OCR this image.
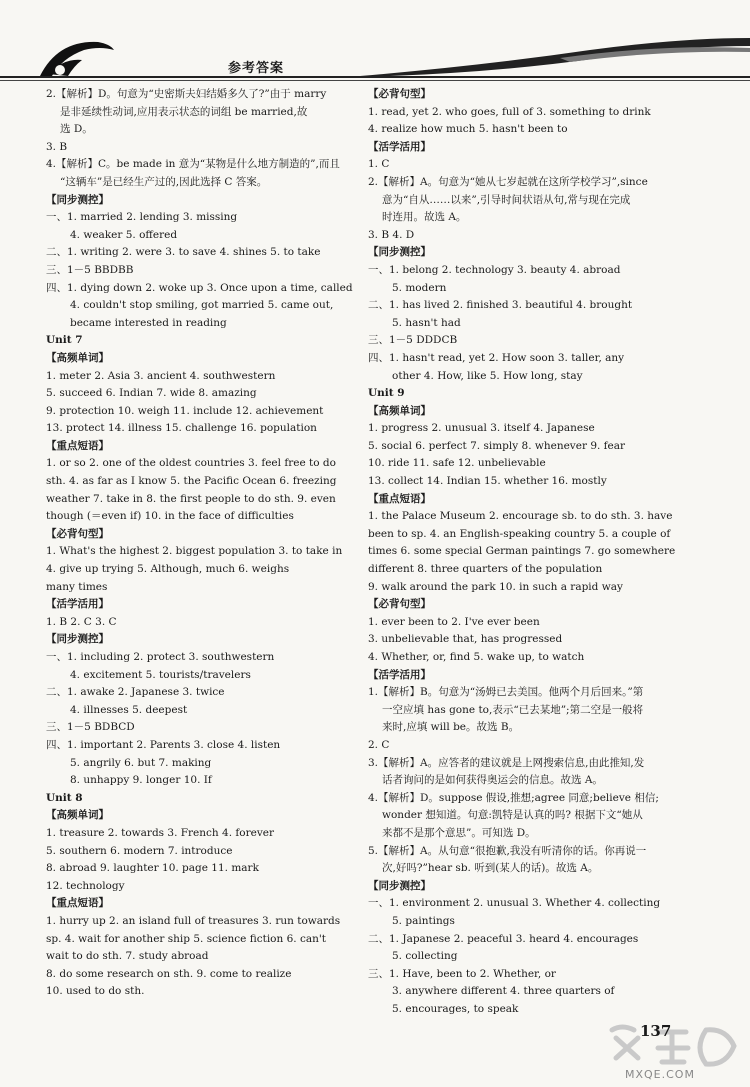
参考答案
2.【解析】D。句意为“史密斯夫妇结婚多久了?”由于 marry
是非延续性动词,应用表示状态的词组 be married,故
选 D。
3. B
4.【解析】C。be made in 意为“某物是什么地方制造的”,而且
“这辆车”是已经生产过的,因此选择 C 答案。
【同步测控】
一、1. married 2. lending 3. missing
4. weaker 5. offered
二、1. writing 2. were 3. to save 4. shines 5. to take
三、1－5 BBDBB
四、1. dying down 2. woke up 3. Once upon a time, called
4. couldn't stop smiling, got married 5. came out,
became interested in reading
Unit 7
【高频单词】
1. meter 2. Asia 3. ancient 4. southwestern
5. succeed 6. Indian 7. wide 8. amazing
9. protection 10. weigh 11. include 12. achievement
13. protect 14. illness 15. challenge 16. population
【重点短语】
1. or so 2. one of the oldest countries 3. feel free to do
sth. 4. as far as I know 5. the Pacific Ocean 6. freezing
weather 7. take in 8. the first people to do sth. 9. even
though (＝even if) 10. in the face of difficulties
【必背句型】
1. What's the highest 2. biggest population 3. to take in
4. give up trying 5. Although, much 6. weighs
many times
【活学活用】
1. B 2. C 3. C
【同步测控】
一、1. including 2. protect 3. southwestern
4. excitement 5. tourists/travelers
二、1. awake 2. Japanese 3. twice
4. illnesses 5. deepest
三、1－5 BDBCD
四、1. important 2. Parents 3. close 4. listen
5. angrily 6. but 7. making
8. unhappy 9. longer 10. If
Unit 8
【高频单词】
1. treasure 2. towards 3. French 4. forever
5. southern 6. modern 7. introduce
8. abroad 9. laughter 10. page 11. mark
12. technology
【重点短语】
1. hurry up 2. an island full of treasures 3. run towards
sp. 4. wait for another ship 5. science fiction 6. can't
wait to do sth. 7. study abroad
8. do some research on sth. 9. come to realize
10. used to do sth.
【必背句型】
1. read, yet 2. who goes, full of 3. something to drink
4. realize how much 5. hasn't been to
【活学活用】
1. C
2.【解析】A。句意为“她从七岁起就在这所学校学习”,since
意为“自从……以来”,引导时间状语从句,常与现在完成
时连用。故选 A。
3. B 4. D
【同步测控】
一、1. belong 2. technology 3. beauty 4. abroad
5. modern
二、1. has lived 2. finished 3. beautiful 4. brought
5. hasn't had
三、1－5 DDDCB
四、1. hasn't read, yet 2. How soon 3. taller, any
other 4. How, like 5. How long, stay
Unit 9
【高频单词】
1. progress 2. unusual 3. itself 4. Japanese
5. social 6. perfect 7. simply 8. whenever 9. fear
10. ride 11. safe 12. unbelievable
13. collect 14. Indian 15. whether 16. mostly
【重点短语】
1. the Palace Museum 2. encourage sb. to do sth. 3. have
been to sp. 4. an English-speaking country 5. a couple of
times 6. some special German paintings 7. go somewhere
different 8. three quarters of the population
9. walk around the park 10. in such a rapid way
【必背句型】
1. ever been to 2. I've ever been
3. unbelievable that, has progressed
4. Whether, or, find 5. wake up, to watch
【活学活用】
1.【解析】B。句意为“汤姆已去美国。他两个月后回来。”第
一空应填 has gone to,表示“已去某地”;第二空是一般将
来时,应填 will be。故选 B。
2. C
3.【解析】A。应答者的建议就是上网搜索信息,由此推知,发
话者询问的是如何获得奥运会的信息。故选 A。
4.【解析】D。suppose 假设,推想;agree 同意;believe 相信;
wonder 想知道。句意:凯特是认真的吗? 根据下文“她从
来都不是那个意思”。可知选 D。
5.【解析】A。从句意“很抱歉,我没有听清你的话。你再说一
次,好吗?”hear sb. 听到(某人的话)。故选 A。
【同步测控】
一、1. environment 2. unusual 3. Whether 4. collecting
5. paintings
二、1. Japanese 2. peaceful 3. heard 4. encourages
5. collecting
三、1. Have, been to 2. Whether, or
3. anywhere different 4. three quarters of
5. encourages, to speak
137
MXQE.COM
